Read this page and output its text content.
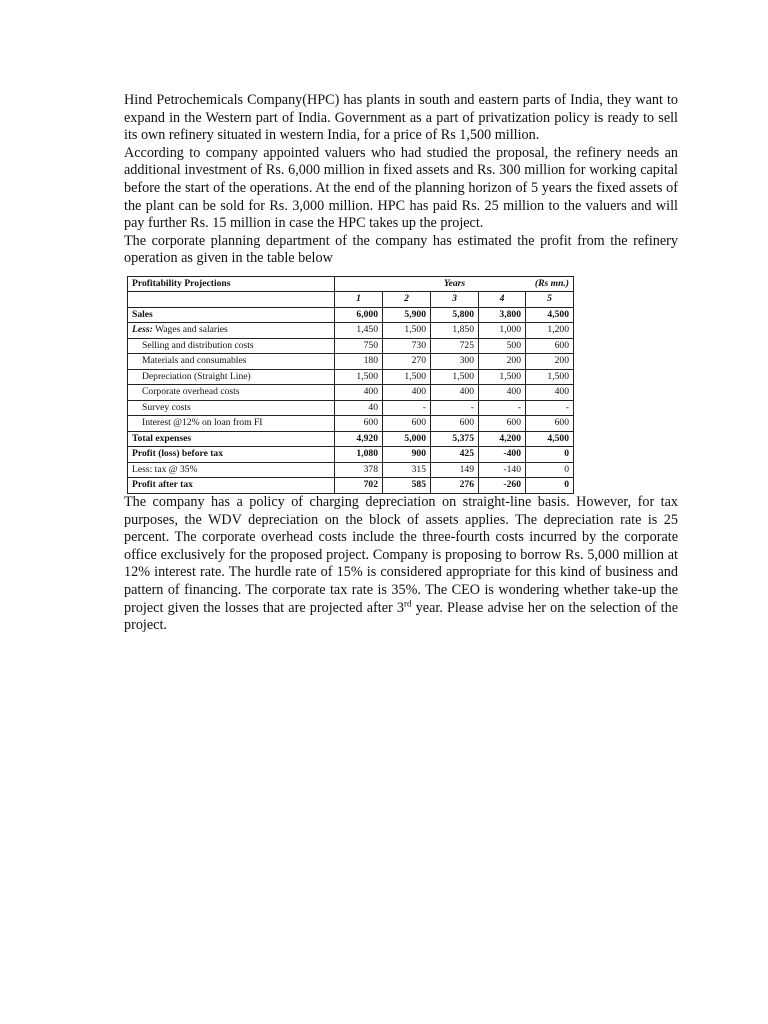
Hind Petrochemicals Company(HPC) has plants in south and eastern parts of India, they want to expand in the Western part of India. Government as a part of privatization policy is ready to sell its own refinery situated in western India, for a price of Rs 1,500 million.

According to company appointed valuers who had studied the proposal, the refinery needs an additional investment of Rs. 6,000 million in fixed assets and Rs. 300 million for working capital before the start of the operations. At the end of the planning horizon of 5 years the fixed assets of the plant can be sold for Rs. 3,000 million. HPC has paid Rs. 25 million to the valuers and will pay further Rs. 15 million in case the HPC takes up the project.

The corporate planning department of the company has estimated the profit from the refinery operation as given in the table below

Profitability Projections			Years		(Rs mn.)
	1	2	3	4	5
Sales	6,000	5,900	5,800	3,800	4,500
Less: Wages and salaries	1,450	1,500	1,850	1,000	1,200
Selling and distribution costs	750	730	725	500	600
Materials and consumables	180	270	300	200	200
Depreciation (Straight Line)	1,500	1,500	1,500	1,500	1,500
Corporate overhead costs	400	400	400	400	400
Survey costs	40	-	-	-	-
Interest @12% on loan from FI	600	600	600	600	600
Total expenses	4,920	5,000	5,375	4,200	4,500
Profit (loss) before tax	1,080	900	425	-400	0
Less: tax @ 35%	378	315	149	-140	0
Profit after tax	702	585	276	-260	0

The company has a policy of charging depreciation on straight-line basis. However, for tax purposes, the WDV depreciation on the block of assets applies. The depreciation rate is 25 percent. The corporate overhead costs include the three-fourth costs incurred by the corporate office exclusively for the proposed project. Company is proposing to borrow Rs. 5,000 million at 12% interest rate. The hurdle rate of 15% is considered appropriate for this kind of business and pattern of financing. The corporate tax rate is 35%. The CEO is wondering whether take-up the project given the losses that are projected after 3rd year. Please advise her on the selection of the project.
